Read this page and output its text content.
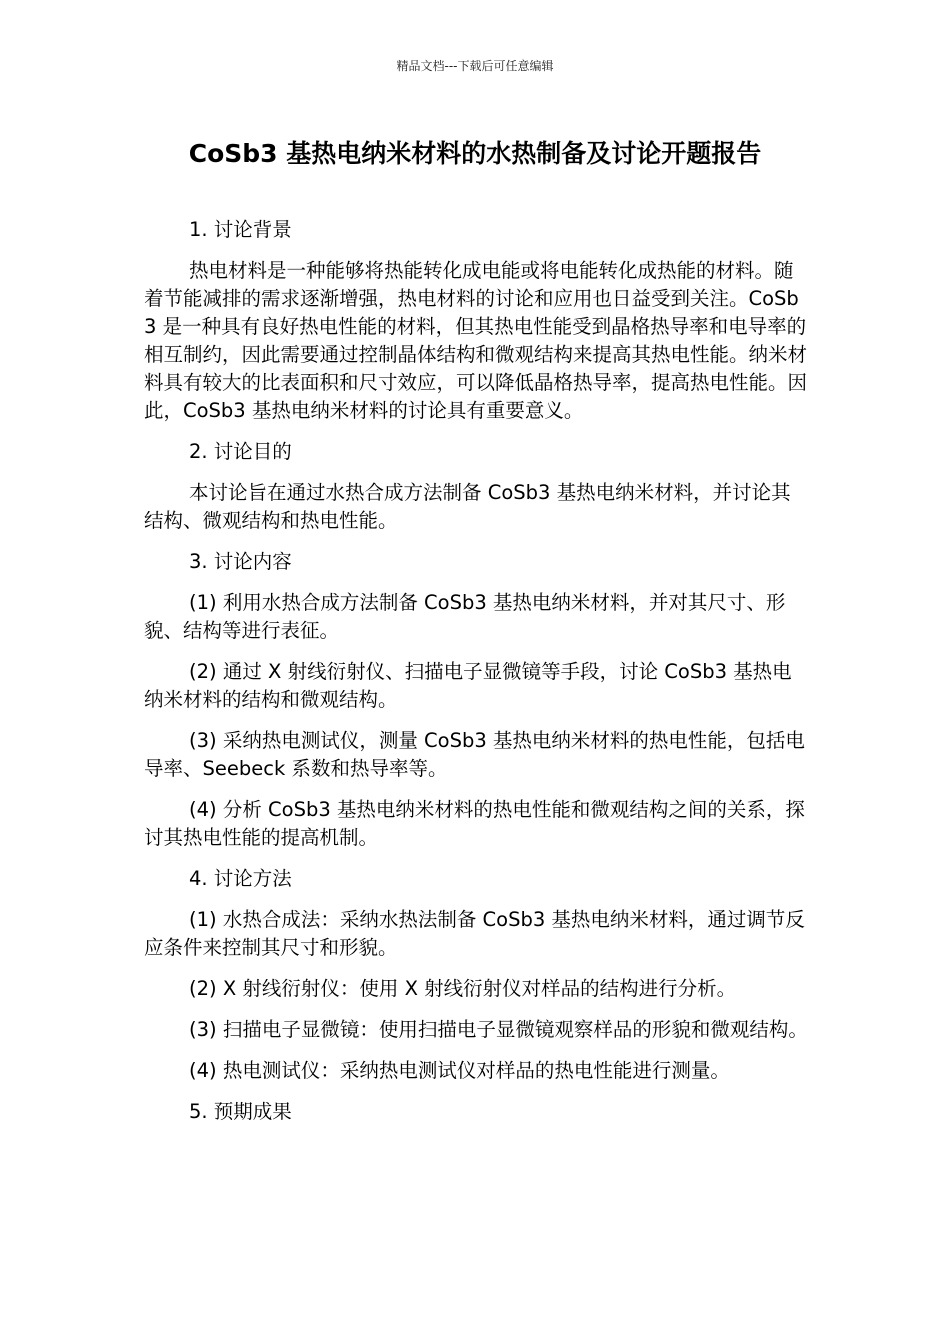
精品文档---下载后可任意编辑
CoSb3 基热电纳米材料的水热制备及讨论开题报告

1. 讨论背景

热电材料是一种能够将热能转化成电能或将电能转化成热能的材料。随着节能减排的需求逐渐增强，热电材料的讨论和应用也日益受到关注。CoSb3 是一种具有良好热电性能的材料，但其热电性能受到晶格热导率和电导率的相互制约，因此需要通过控制晶体结构和微观结构来提高其热电性能。纳米材料具有较大的比表面积和尺寸效应，可以降低晶格热导率，提高热电性能。因此，CoSb3 基热电纳米材料的讨论具有重要意义。

2. 讨论目的

本讨论旨在通过水热合成方法制备 CoSb3 基热电纳米材料，并讨论其结构、微观结构和热电性能。

3. 讨论内容

(1) 利用水热合成方法制备 CoSb3 基热电纳米材料，并对其尺寸、形貌、结构等进行表征。

(2) 通过 X 射线衍射仪、扫描电子显微镜等手段，讨论 CoSb3 基热电纳米材料的结构和微观结构。

(3) 采纳热电测试仪，测量 CoSb3 基热电纳米材料的热电性能，包括电导率、Seebeck 系数和热导率等。

(4) 分析 CoSb3 基热电纳米材料的热电性能和微观结构之间的关系，探讨其热电性能的提高机制。

4. 讨论方法

(1) 水热合成法：采纳水热法制备 CoSb3 基热电纳米材料，通过调节反应条件来控制其尺寸和形貌。

(2) X 射线衍射仪：使用 X 射线衍射仪对样品的结构进行分析。

(3) 扫描电子显微镜：使用扫描电子显微镜观察样品的形貌和微观结构。

(4) 热电测试仪：采纳热电测试仪对样品的热电性能进行测量。

5. 预期成果
